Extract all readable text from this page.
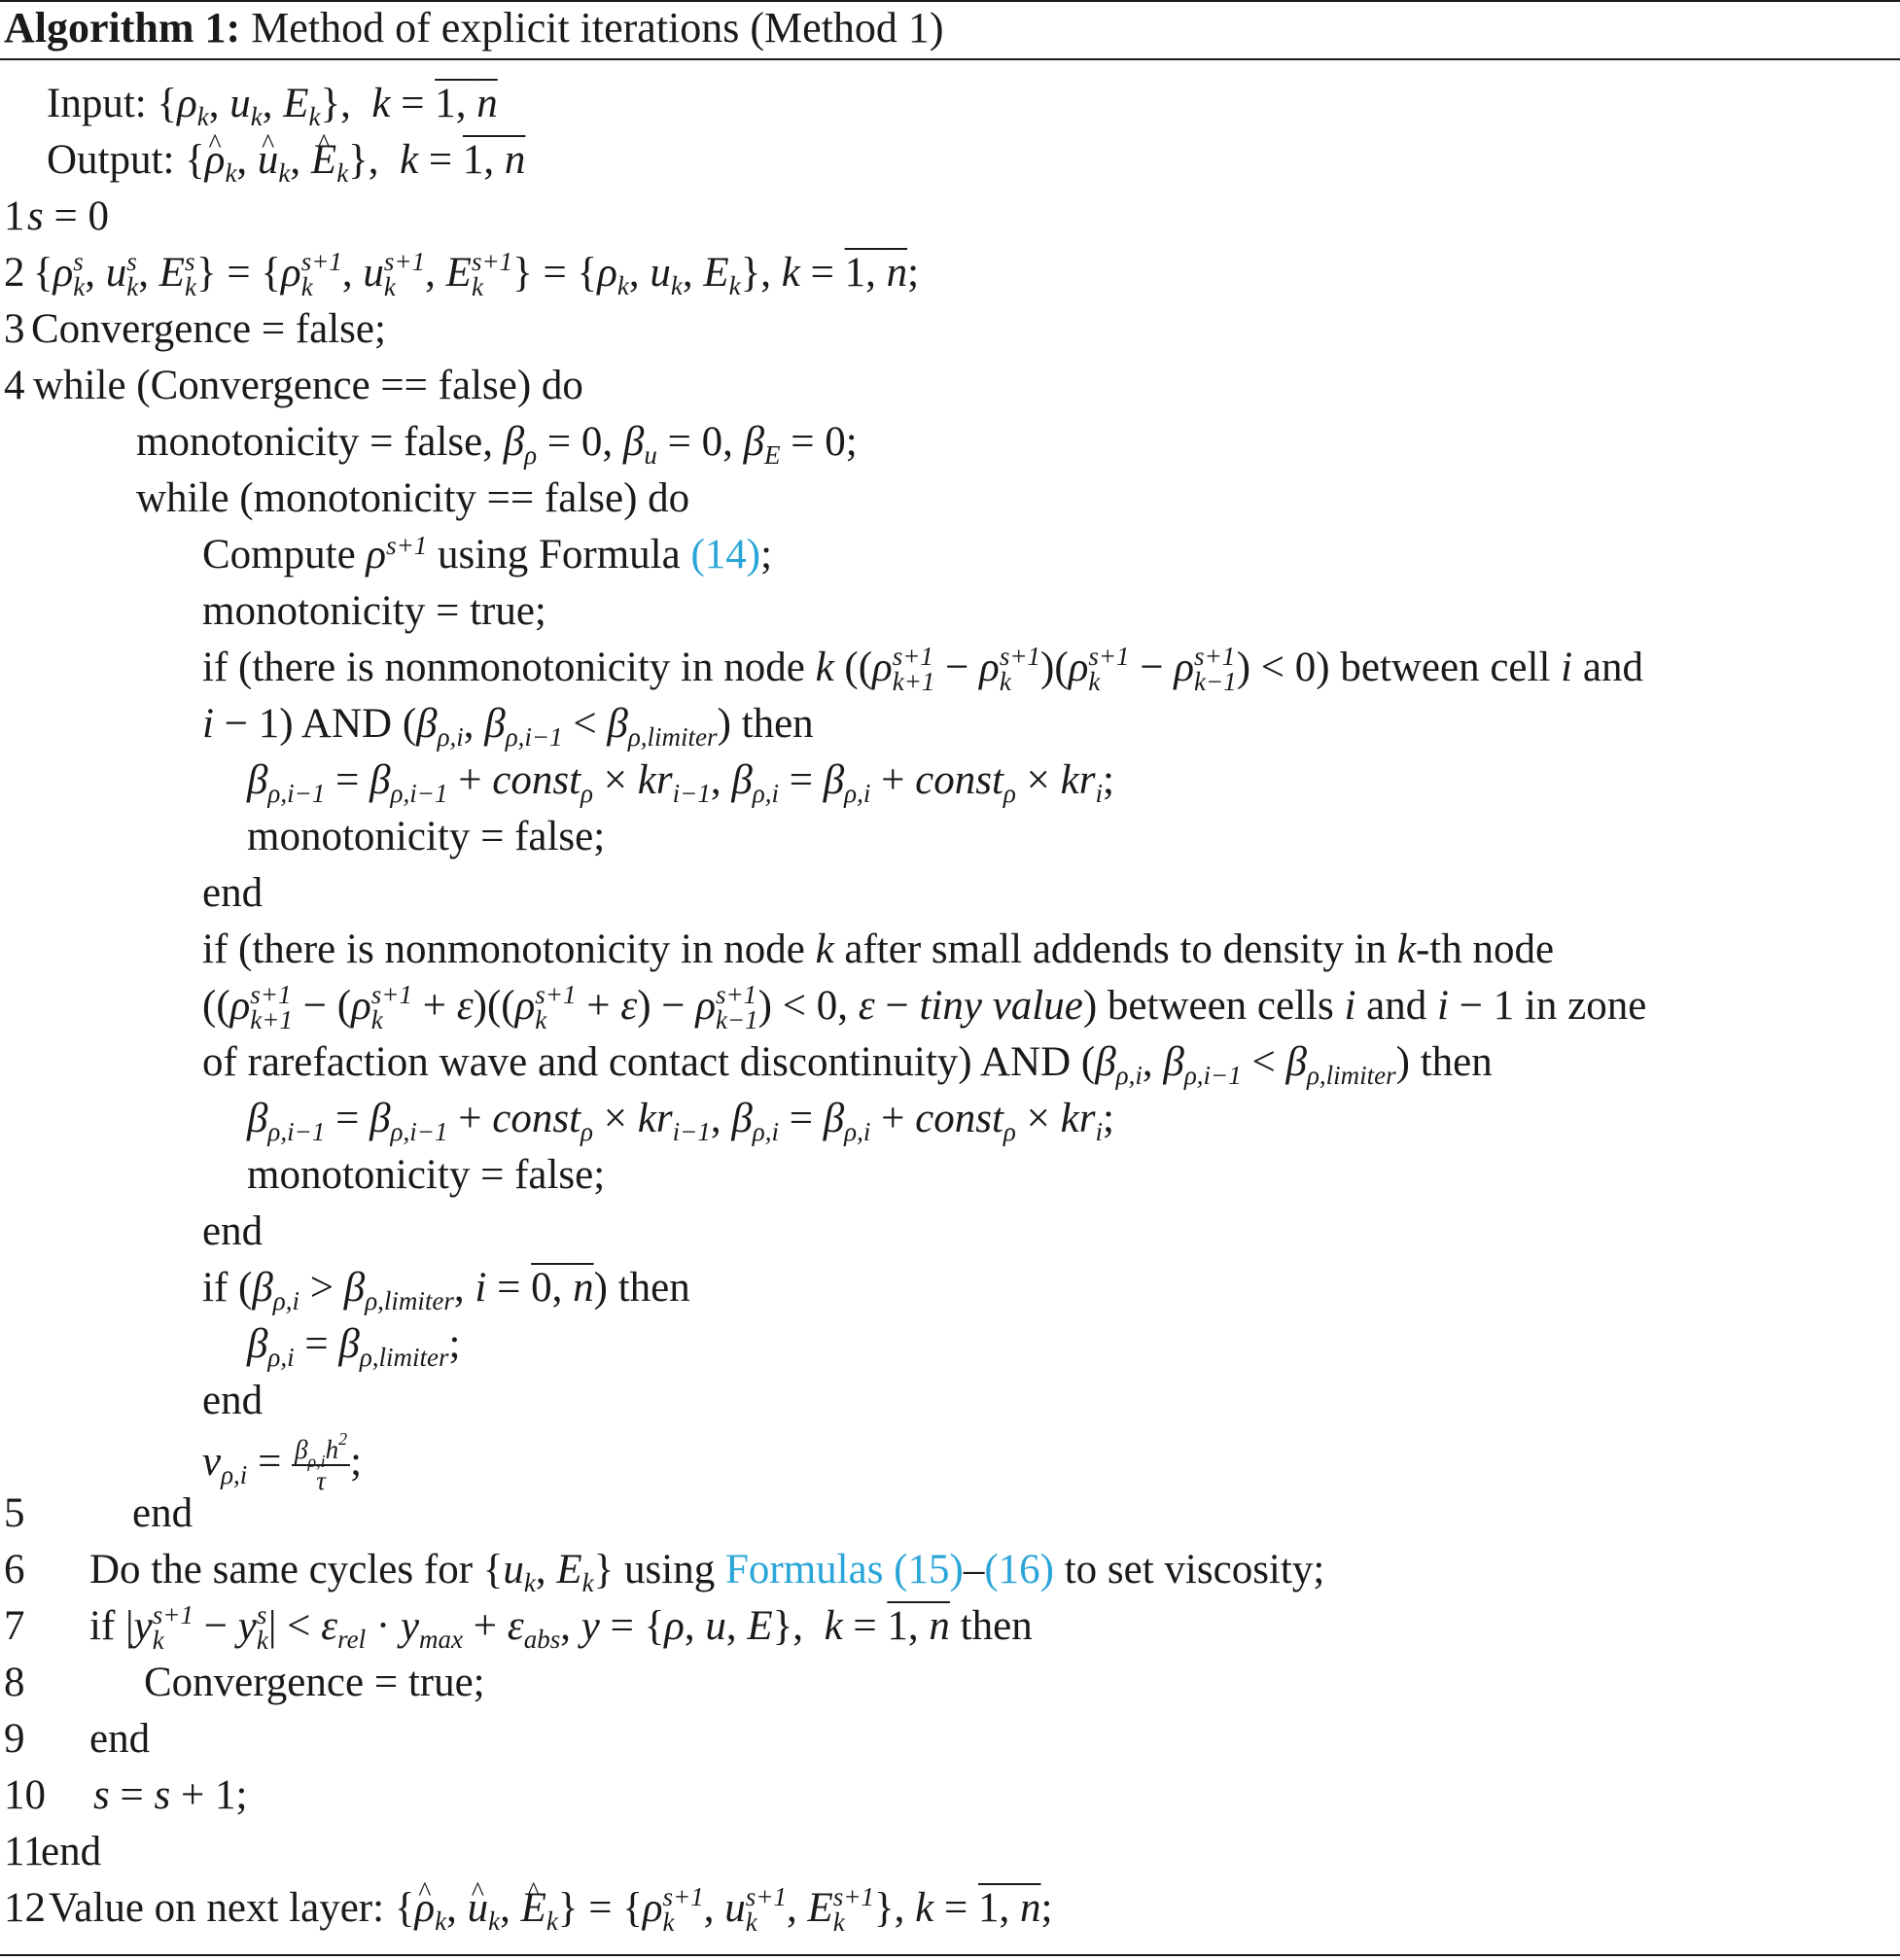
Algorithm 1: Method of explicit iterations (Method 1)
Input: {$\rho_k$, $u_k$, $E_k$},  k = 1, n
Output: {^ $\rho_k$, ^ $u_k$, ^ $E_k$},  k = 1, n
1 s = 0
2 {ρ s
k , u s
k , E s
k } = {ρ s+1
k , u s+1
k , E s+1
k } = {$\rho_k$, $u_k$, $E_k$}, k = 1, n;
3 Convergence = false;
4 while (Convergence == false) do
monotonicity = false, $\beta_\rho = 0$, $\beta_u = 0$, $\beta_E = 0$;
while (monotonicity == false) do
Compute $\rho^{s+1}$ using Formula (14);
monotonicity = true;
if (there is nonmonotonicity in node k ((ρ s+1
k+1 − ρ s+1
k )(ρ s+1
k − ρ s+1
k−1 ) < 0) between cell i and
i − 1) AND ($\beta_{\rho,i}$, $\beta_{\rho,i-1} < \beta_{\rho,limiter}$) then
$\beta_{\rho,i-1} = \beta_{\rho,i-1}$ + const$_\rho$ × $kr_{i-1}$, $\beta_{\rho,i} = \beta_{\rho,i}$ + const$_\rho$ × $kr_i$;
monotonicity = false;
end
if (there is nonmonotonicity in node k after small addends to density in k-th node
((ρ s+1
k+1 − (ρ s+1
k + ε)((ρ s+1
k + ε) − ρ s+1
k−1 ) < 0, ε − tiny value) between cells i and i − 1 in zone
of rarefaction wave and contact discontinuity) AND ($\beta_{\rho,i}$, $\beta_{\rho,i-1} < \beta_{\rho,limiter}$) then
$\beta_{\rho,i-1} = \beta_{\rho,i-1}$ + const$_\rho$ × $kr_{i-1}$, $\beta_{\rho,i} = \beta_{\rho,i}$ + const$_\rho$ × $kr_i$;
monotonicity = false;
end
if ($\beta_{\rho,i} > \beta_{\rho,limiter}$, i = 0, n) then
$\beta_{\rho,i} = \beta_{\rho,limiter}$;
end
$\nu_{\rho,i} = \frac{\beta_{\rho,i}h^2}{\tau}$ ;
5	end
6 Do the same cycles for {$u_k$, $E_k$} using Formulas (15)–(16) to set viscosity;
7 if |y s+1
k − y s
k | < $\varepsilon_{rel} \cdot y_{max} + \varepsilon_{abs}$, y = {ρ, u, E},  k = 1, n then
8	Convergence = true;
9 end
10 s = s + 1;
11
end
12 Value on next layer: {^ $\rho_k$, ^ $u_k$, ^ $E_k\} = \{\rho$ s+1
k , u s+1
k , E s+1
k }, k = 1, n;
